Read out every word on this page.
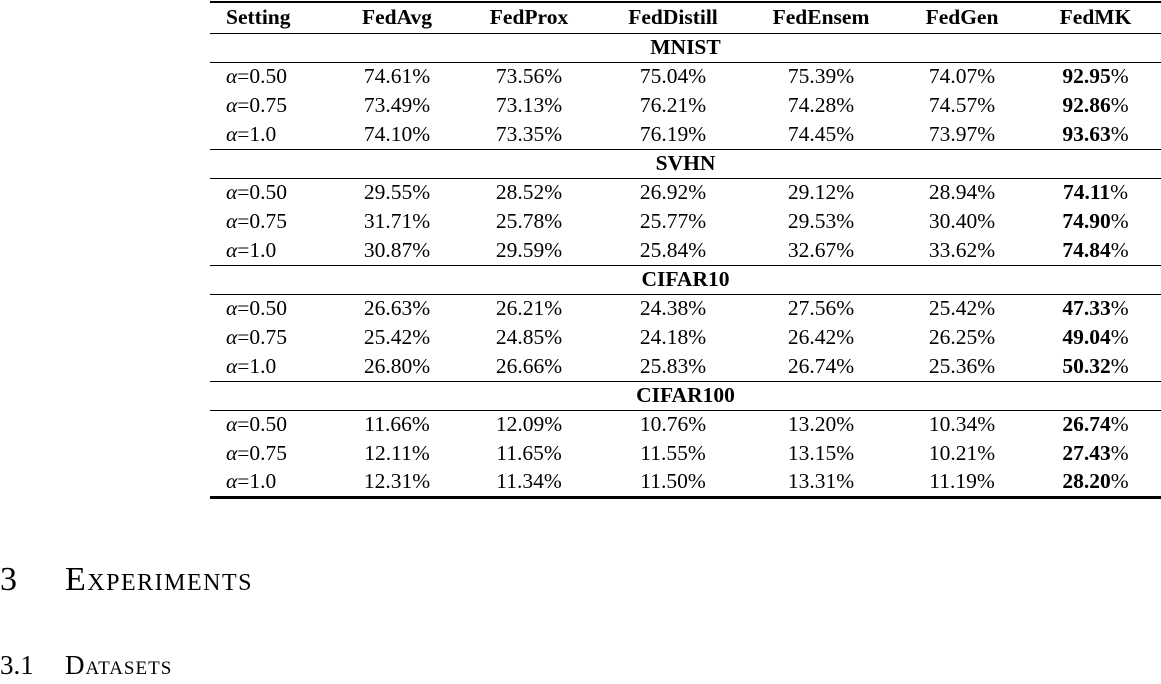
Setting	FedAvg	FedProx	FedDistill	FedEnsem	FedGen	FedMK
MNIST						
α=0.50	74.61%	73.56%	75.04%	75.39%	74.07%	92.95%
α=0.75	73.49%	73.13%	76.21%	74.28%	74.57%	92.86%
α=1.0	74.10%	73.35%	76.19%	74.45%	73.97%	93.63%
SVHN						
α=0.50	29.55%	28.52%	26.92%	29.12%	28.94%	74.11%
α=0.75	31.71%	25.78%	25.77%	29.53%	30.40%	74.90%
α=1.0	30.87%	29.59%	25.84%	32.67%	33.62%	74.84%
CIFAR10						
α=0.50	26.63%	26.21%	24.38%	27.56%	25.42%	47.33%
α=0.75	25.42%	24.85%	24.18%	26.42%	26.25%	49.04%
α=1.0	26.80%	26.66%	25.83%	26.74%	25.36%	50.32%
CIFAR100						
α=0.50	11.66%	12.09%	10.76%	13.20%	10.34%	26.74%
α=0.75	12.11%	11.65%	11.55%	13.15%	10.21%	27.43%
α=1.0	12.31%	11.34%	11.50%	13.31%	11.19%	28.20%
3 Experiments
3.1 Datasets
